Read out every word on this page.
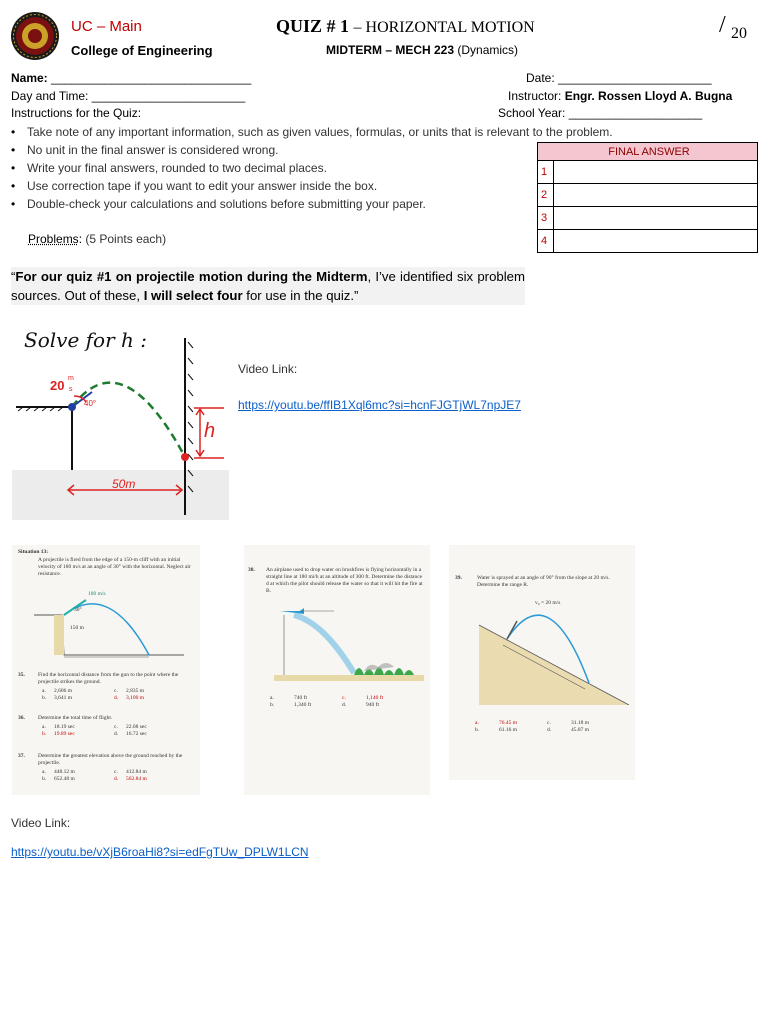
UC – Main
College of Engineering
QUIZ # 1 – HORIZONTAL MOTION
MIDTERM – MECH 223 (Dynamics)
/ 20
Name: ______________________________	Date: _______________________
Day and Time: _______________________	Instructor: Engr. Rossen Lloyd A. Bugna
School Year: ____________________
Instructions for the Quiz:
• Take note of any important information, such as given values, formulas, or units that is relevant to the problem.
• No unit in the final answer is considered wrong.
• Write your final answers, rounded to two decimal places.
• Use correction tape if you want to edit your answer inside the box.
• Double-check your calculations and solutions before submitting your paper.
Problems: (5 Points each)
FINAL ANSWER	
1	
2	
3	
4	
“For our quiz #1 on projectile motion during the Midterm, I’ve identified six problem sources. Out of these, I will select four for use in the quiz.”
Solve for h :
20 m
s
40°
h
50m
Video Link:
https://youtu.be/ffIB1Xql6mc?si=hcnFJGTjWL7npJE7
Situation 13:
A projectile is fired from the edge of a 150-m cliff with an initial velocity of 180 m/s at an angle of 30° with the horizontal. Neglect air resistance.
180 m/s
30°
150 m
35. Find the horizontal distance from the gun to the point where the projectile strikes the ground.
a. 2,606 m	c. 2,835 m
b. 3,641 m	d. 3,100 m
36. Determine the total time of flight.
a. 18.19 sec	c. 22.08 sec
b. 19.89 sec	d. 16.72 sec
37. Determine the greatest elevation above the ground reached by the projectile.
a. 448.12 m	c. 412.84 m
b. 652.48 m	d. 562.84 m
38. An airplane used to drop water on brushfires is flying horizontally in a straight line at 180 mi/h at an altitude of 300 ft. Determine the distance d at which the pilot should release the water so that it will hit the fire at B.
a.	740 ft	c.	1,140 ft
b.	1,340 ft	d.	940 ft
39.	Water is sprayed at an angle of 90° from the slope at 20 m/s. Determine the range R.
v₀ = 20 m/s
a.	76.45 m	c.	31.18 m
b.	61.16 m	d.	45.87 m
Video Link:
https://youtu.be/vXjB6roaHi8?si=edFgTUw_DPLW1LCN
